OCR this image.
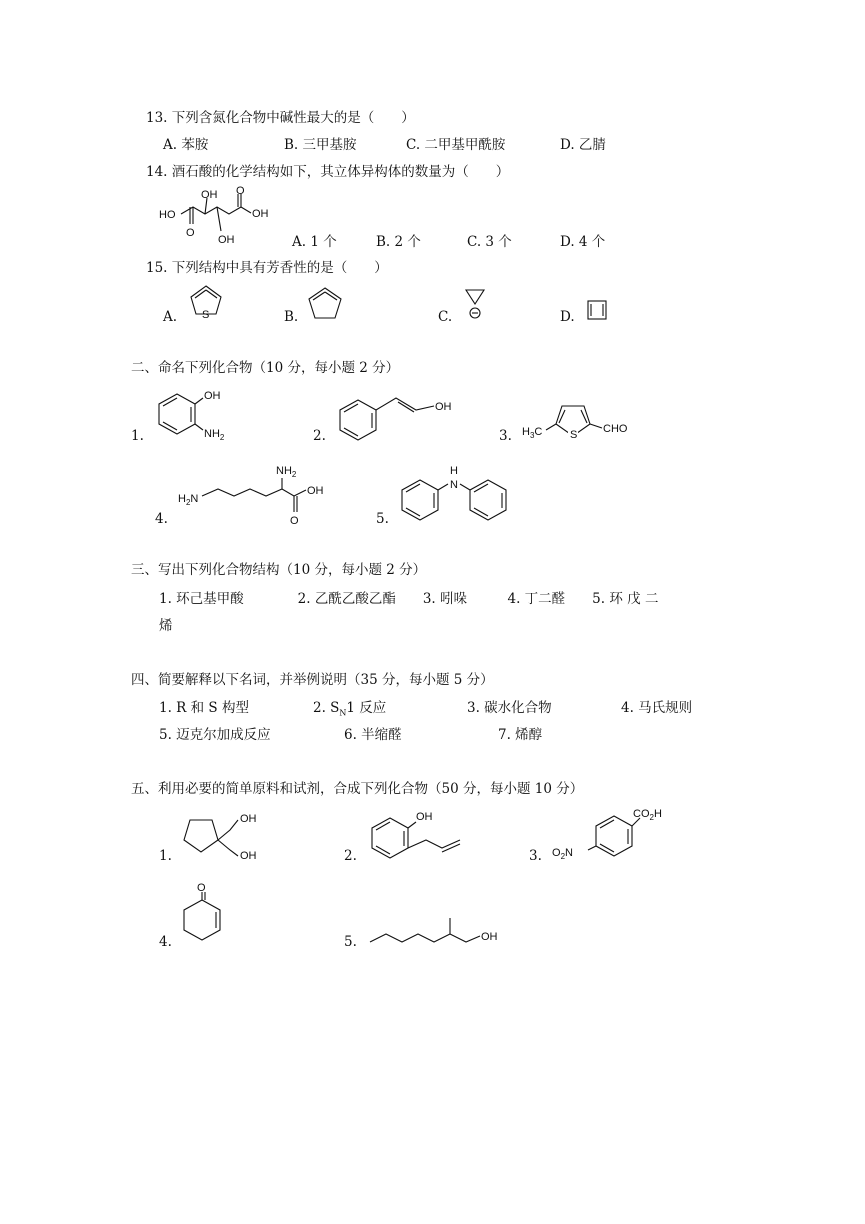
13. 下列含氮化合物中碱性最大的是（　　）
A. 苯胺	B. 三甲基胺	C. 二甲基甲酰胺	D. 乙腈
14. 酒石酸的化学结构如下，其立体异构体的数量为（　　）
HO
OH
O
O
OH
OH
A. 1 个	B. 2 个	C. 3 个	D. 4 个
15. 下列结构中具有芳香性的是（　　）
A. S	B.	C.	D.
二、命名下列化合物（10 分，每小题 2 分）
1.
OH
$NH_2$	2.
OH
3.	S
$H_3C$	CHO
4.
$H_2N$
$NH_2$
OH
O	5.
H
N
三、写出下列化合物结构（10 分，每小题 2 分）
1. 环己基甲酸　　　　2. 乙酰乙酸乙酯　　3. 吲哚　　　4. 丁二醛　　5. 环 戊 二
烯
四、简要解释以下名词，并举例说明（35 分，每小题 5 分）
1. R 和 S 构型	2. $S_N1$ 反应	3. 碳水化合物	4. 马氏规则
5. 迈克尔加成反应	6. 半缩醛	7. 烯醇
五、利用必要的简单原料和试剂，合成下列化合物（50 分，每小题 10 分）
1.
OH
OH	2.
OH
3. $O_2N$
$CO_2H$
4.
O
5.	OH
